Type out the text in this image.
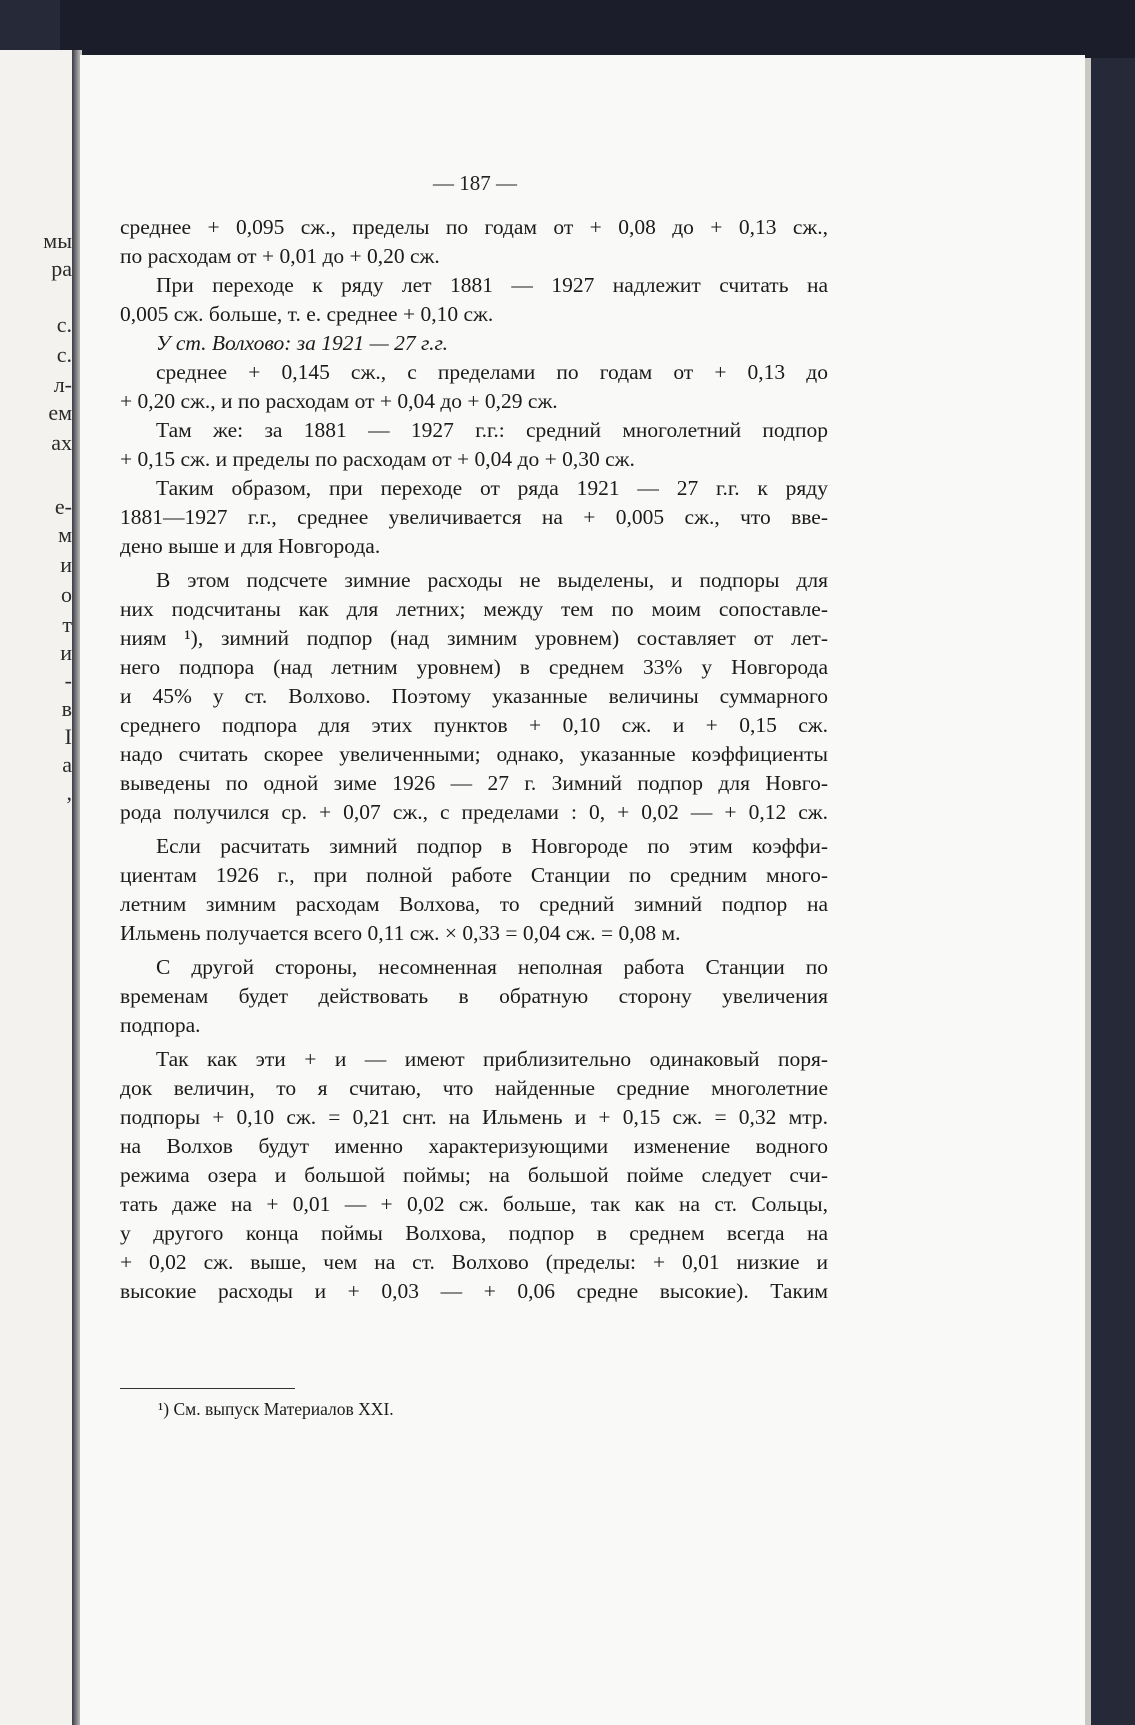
мы
ра
с.
с.
л-
ем
ах
е-
м
и
о
т
и
-
в
I
а
,
— 187 —

среднее + 0,095 сж., пределы по годам от + 0,08 до + 0,13 сж.,

по расходам от + 0,01 до + 0,20 сж.

При переходе к ряду лет 1881 — 1927 надлежит считать на

0,005 сж. больше, т. е. среднее + 0,10 сж.

У ст. Волхово: за 1921 — 27 г.г.

среднее + 0,145 сж., с пределами по годам от + 0,13 до

+ 0,20 сж., и по расходам от + 0,04 до + 0,29 сж.

Там же: за 1881 — 1927 г.г.: средний многолетний подпор

+ 0,15 сж. и пределы по расходам от + 0,04 до + 0,30 сж.

Таким образом, при переходе от ряда 1921 — 27 г.г. к ряду

1881—1927 г.г., среднее увеличивается на + 0,005 сж., что вве-

дено выше и для Новгорода.

В этом подсчете зимние расходы не выделены, и подпоры для

них подсчитаны как для летних; между тем по моим сопоставле-

ниям ¹), зимний подпор (над зимним уровнем) составляет от лет-

него подпора (над летним уровнем) в среднем 33% у Новгорода

и 45% у ст. Волхово. Поэтому указанные величины суммарного

среднего подпора для этих пунктов + 0,10 сж. и + 0,15 сж.

надо считать скорее увеличенными; однако, указанные коэффициенты

выведены по одной зиме 1926 — 27 г. Зимний подпор для Новго-

рода получился ср. + 0,07 сж., с пределами : 0, + 0,02 — + 0,12 сж.

Если расчитать зимний подпор в Новгороде по этим коэффи-

циентам 1926 г., при полной работе Станции по средним много-

летним зимним расходам Волхова, то средний зимний подпор на

Ильмень получается всего 0,11 сж. × 0,33 = 0,04 сж. = 0,08 м.

С другой стороны, несомненная неполная работа Станции по

временам будет действовать в обратную сторону увеличения

подпора.

Так как эти + и — имеют приблизительно одинаковый поря-

док величин, то я считаю, что найденные средние многолетние

подпоры + 0,10 сж. = 0,21 снт. на Ильмень и + 0,15 сж. = 0,32 мтр.

на Волхов будут именно характеризующими изменение водного

режима озера и большой поймы; на большой пойме следует счи-

тать даже на + 0,01 — + 0,02 сж. больше, так как на ст. Сольцы,

у другого конца поймы Волхова, подпор в среднем всегда на

+ 0,02 сж. выше, чем на ст. Волхово (пределы: + 0,01 низкие и

высокие расходы и + 0,03 — + 0,06 средне высокие). Таким

¹) См. выпуск Материалов XXI.
